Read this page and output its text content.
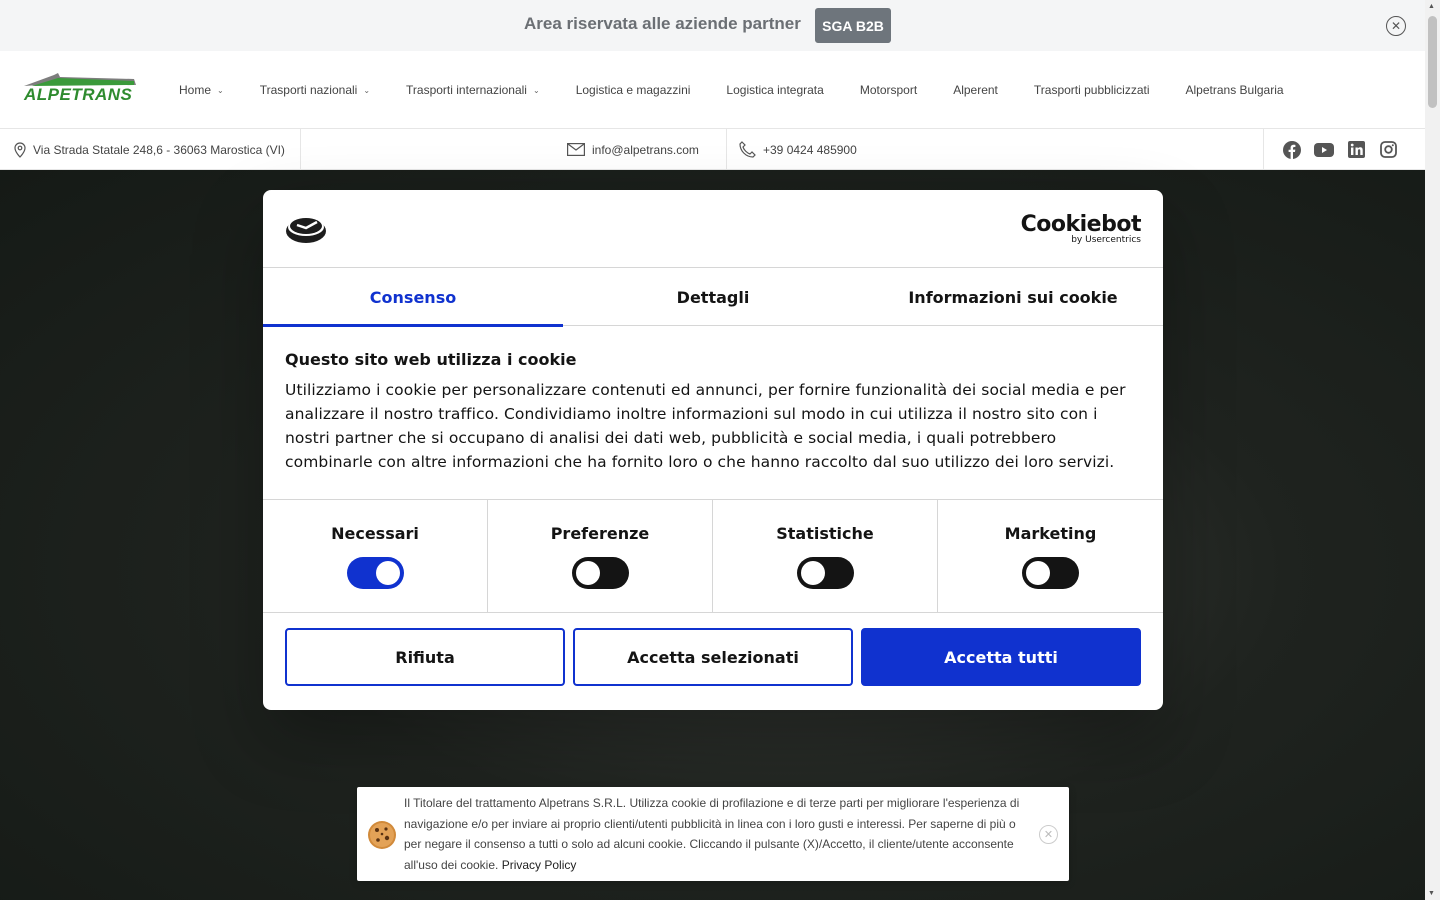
Area riservata alle aziende partner	SGA B2B	✕
ALPETRANS	Home ⌄	Trasporti nazionali ⌄	Trasporti internazionali ⌄	Logistica e magazzini	Logistica integrata	Motorsport	Alperent	Trasporti pubblicizzati	Alpetrans Bulgaria
Via Strada Statale 248,6 - 36063 Marostica (VI)	info@alpetrans.com	+39 0424 485900
▲
▼
Cookiebot
by Usercentrics
Consenso	Dettagli	Informazioni sui cookie
Questo sito web utilizza i cookie
Utilizziamo i cookie per personalizzare contenuti ed annunci, per fornire funzionalità dei social media e per analizzare il nostro traffico. Condividiamo inoltre informazioni sul modo in cui utilizza il nostro sito con i nostri partner che si occupano di analisi dei dati web, pubblicità e social media, i quali potrebbero combinarle con altre informazioni che ha fornito loro o che hanno raccolto dal suo utilizzo dei loro servizi.
Necessari	Preferenze	Statistiche	Marketing
Rifiuta	Accetta selezionati	Accetta tutti
Il Titolare del trattamento Alpetrans S.R.L. Utilizza cookie di profilazione e di terze parti per migliorare l'esperienza di navigazione e/o per inviare ai proprio clienti/utenti pubblicità in linea con i loro gusti e interessi. Per saperne di più o per negare il consenso a tutti o solo ad alcuni cookie. Cliccando il pulsante (X)/Accetto, il cliente/utente acconsente all'uso dei cookie. Privacy Policy
✕
